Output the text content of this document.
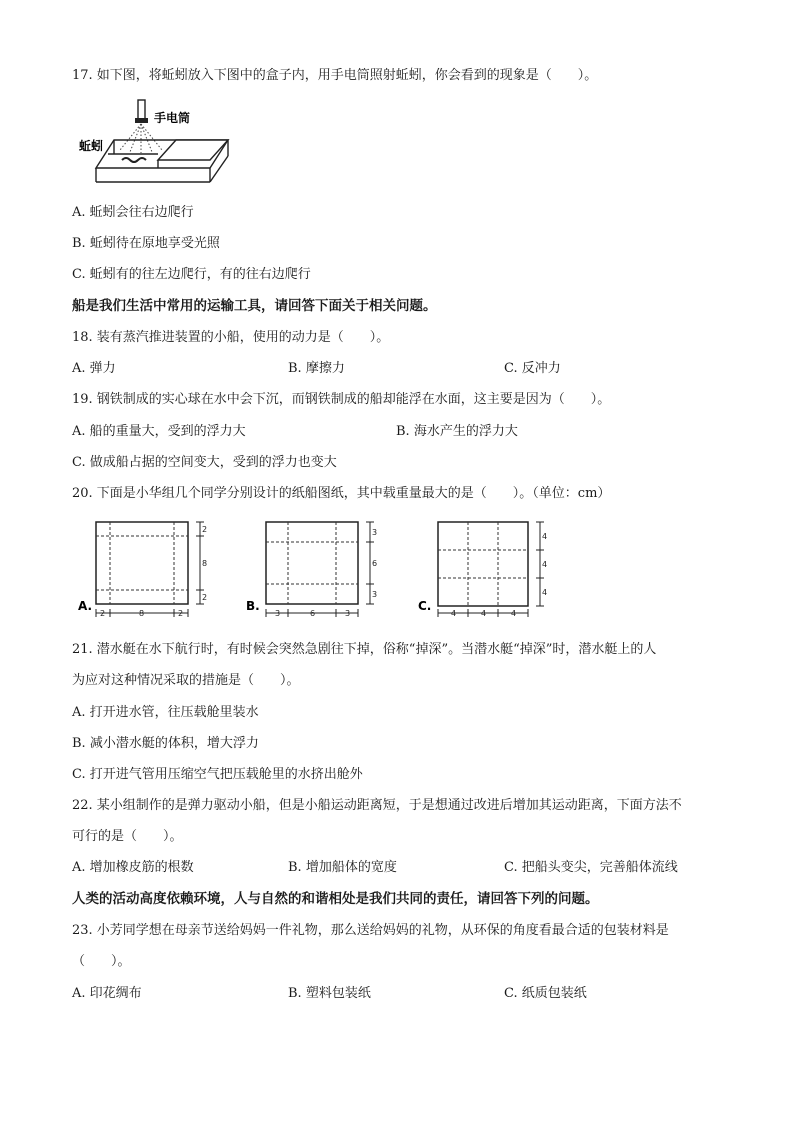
17. 如下图，将蚯蚓放入下图中的盒子内，用手电筒照射蚯蚓，你会看到的现象是（　　）。
手电筒
蚯蚓
A. 蚯蚓会往右边爬行
B. 蚯蚓待在原地享受光照
C. 蚯蚓有的往左边爬行，有的往右边爬行
船是我们生活中常用的运输工具，请回答下面关于相关问题。
18. 装有蒸汽推进装置的小船，使用的动力是（　　）。
A. 弹力	B. 摩擦力	C. 反冲力
19. 钢铁制成的实心球在水中会下沉，而钢铁制成的船却能浮在水面，这主要是因为（　　）。
A. 船的重量大，受到的浮力大	B. 海水产生的浮力大
C. 做成船占据的空间变大，受到的浮力也变大
20. 下面是小华组几个同学分别设计的纸船图纸，其中载重量最大的是（　　）。（单位：cm）
2
8
2
2	8	2
A.
3
6
3
3	6	3
B.
4
4
4
4	4	4
C.
21. 潜水艇在水下航行时，有时候会突然急剧往下掉，俗称“掉深”。当潜水艇“掉深”时，潜水艇上的人
为应对这种情况采取的措施是（　　）。
A. 打开进水管，往压载舱里装水
B. 减小潜水艇的体积，增大浮力
C. 打开进气管用压缩空气把压载舱里的水挤出舱外
22. 某小组制作的是弹力驱动小船，但是小船运动距离短，于是想通过改进后增加其运动距离，下面方法不
可行的是（　　）。
A. 增加橡皮筋的根数	B. 增加船体的宽度	C. 把船头变尖，完善船体流线
人类的活动高度依赖环境，人与自然的和谐相处是我们共同的责任，请回答下列的问题。
23. 小芳同学想在母亲节送给妈妈一件礼物，那么送给妈妈的礼物，从环保的角度看最合适的包装材料是
（　　）。
A. 印花绸布	B. 塑料包装纸	C. 纸质包装纸
